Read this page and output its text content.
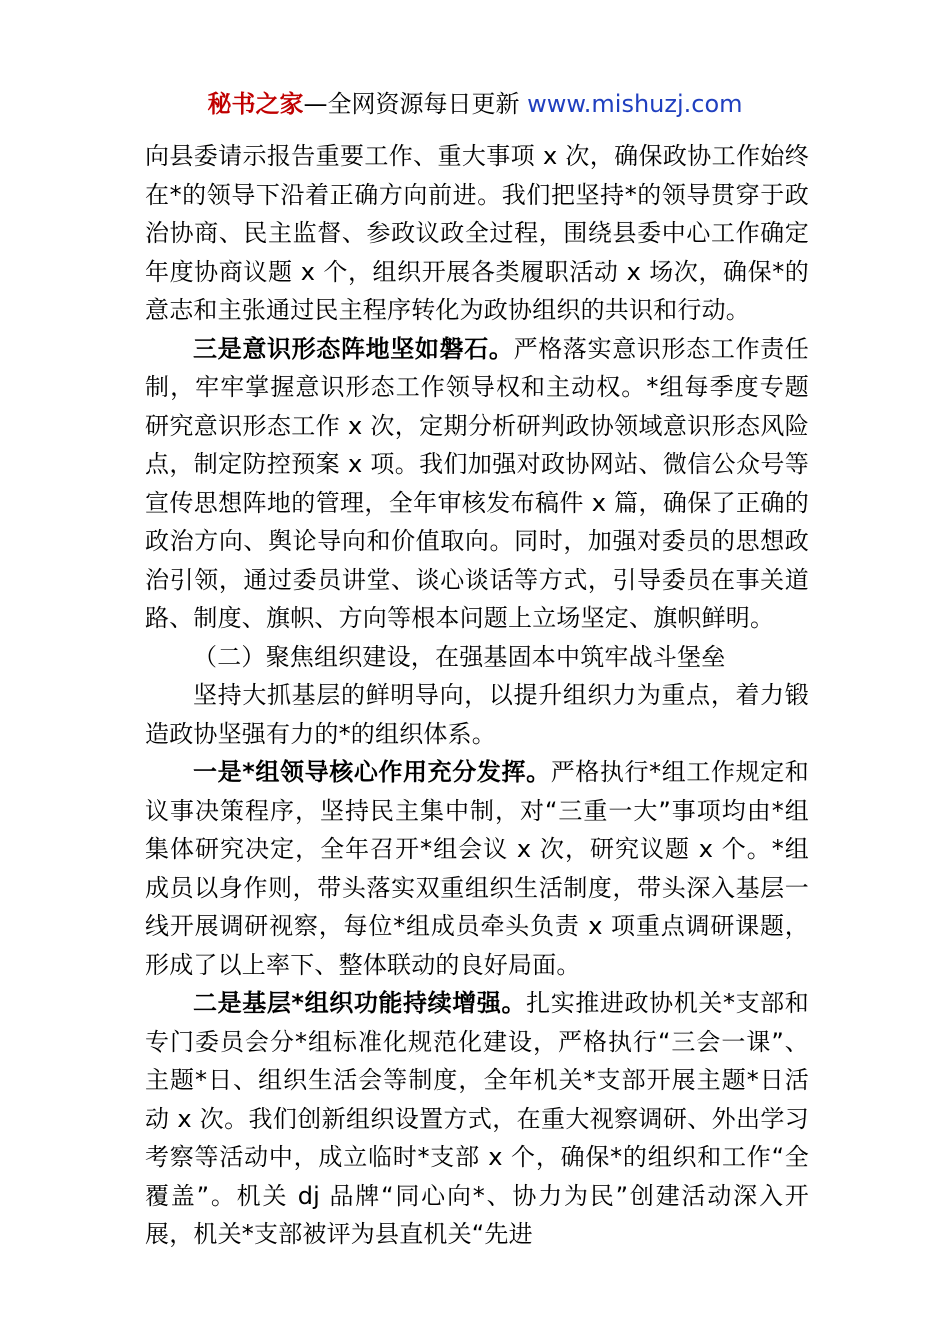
秘书之家—全网资源每日更新 www.mishuzj.com

向县委请示报告重要工作、重大事项 x 次，确保政协工作始终在*的领导下沿着正确方向前进。我们把坚持*的领导贯穿于政治协商、民主监督、参政议政全过程，围绕县委中心工作确定年度协商议题 x 个，组织开展各类履职活动 x 场次，确保*的意志和主张通过民主程序转化为政协组织的共识和行动。

三是意识形态阵地坚如磐石。严格落实意识形态工作责任制，牢牢掌握意识形态工作领导权和主动权。*组每季度专题研究意识形态工作 x 次，定期分析研判政协领域意识形态风险点，制定防控预案 x 项。我们加强对政协网站、微信公众号等宣传思想阵地的管理，全年审核发布稿件 x 篇，确保了正确的政治方向、舆论导向和价值取向。同时，加强对委员的思想政治引领，通过委员讲堂、谈心谈话等方式，引导委员在事关道路、制度、旗帜、方向等根本问题上立场坚定、旗帜鲜明。

（二）聚焦组织建设，在强基固本中筑牢战斗堡垒

坚持大抓基层的鲜明导向，以提升组织力为重点，着力锻造政协坚强有力的*的组织体系。

一是*组领导核心作用充分发挥。严格执行*组工作规定和议事决策程序，坚持民主集中制，对“三重一大”事项均由*组集体研究决定，全年召开*组会议 x 次，研究议题 x 个。*组成员以身作则，带头落实双重组织生活制度，带头深入基层一线开展调研视察，每位*组成员牵头负责 x 项重点调研课题，形成了以上率下、整体联动的良好局面。

二是基层*组织功能持续增强。扎实推进政协机关*支部和专门委员会分*组标准化规范化建设，严格执行“三会一课”、主题*日、组织生活会等制度，全年机关*支部开展主题*日活动 x 次。我们创新组织设置方式，在重大视察调研、外出学习考察等活动中，成立临时*支部 x 个，确保*的组织和工作“全覆盖”。机关 dj 品牌“同心向*、协力为民”创建活动深入开展，机关*支部被评为县直机关“先进
